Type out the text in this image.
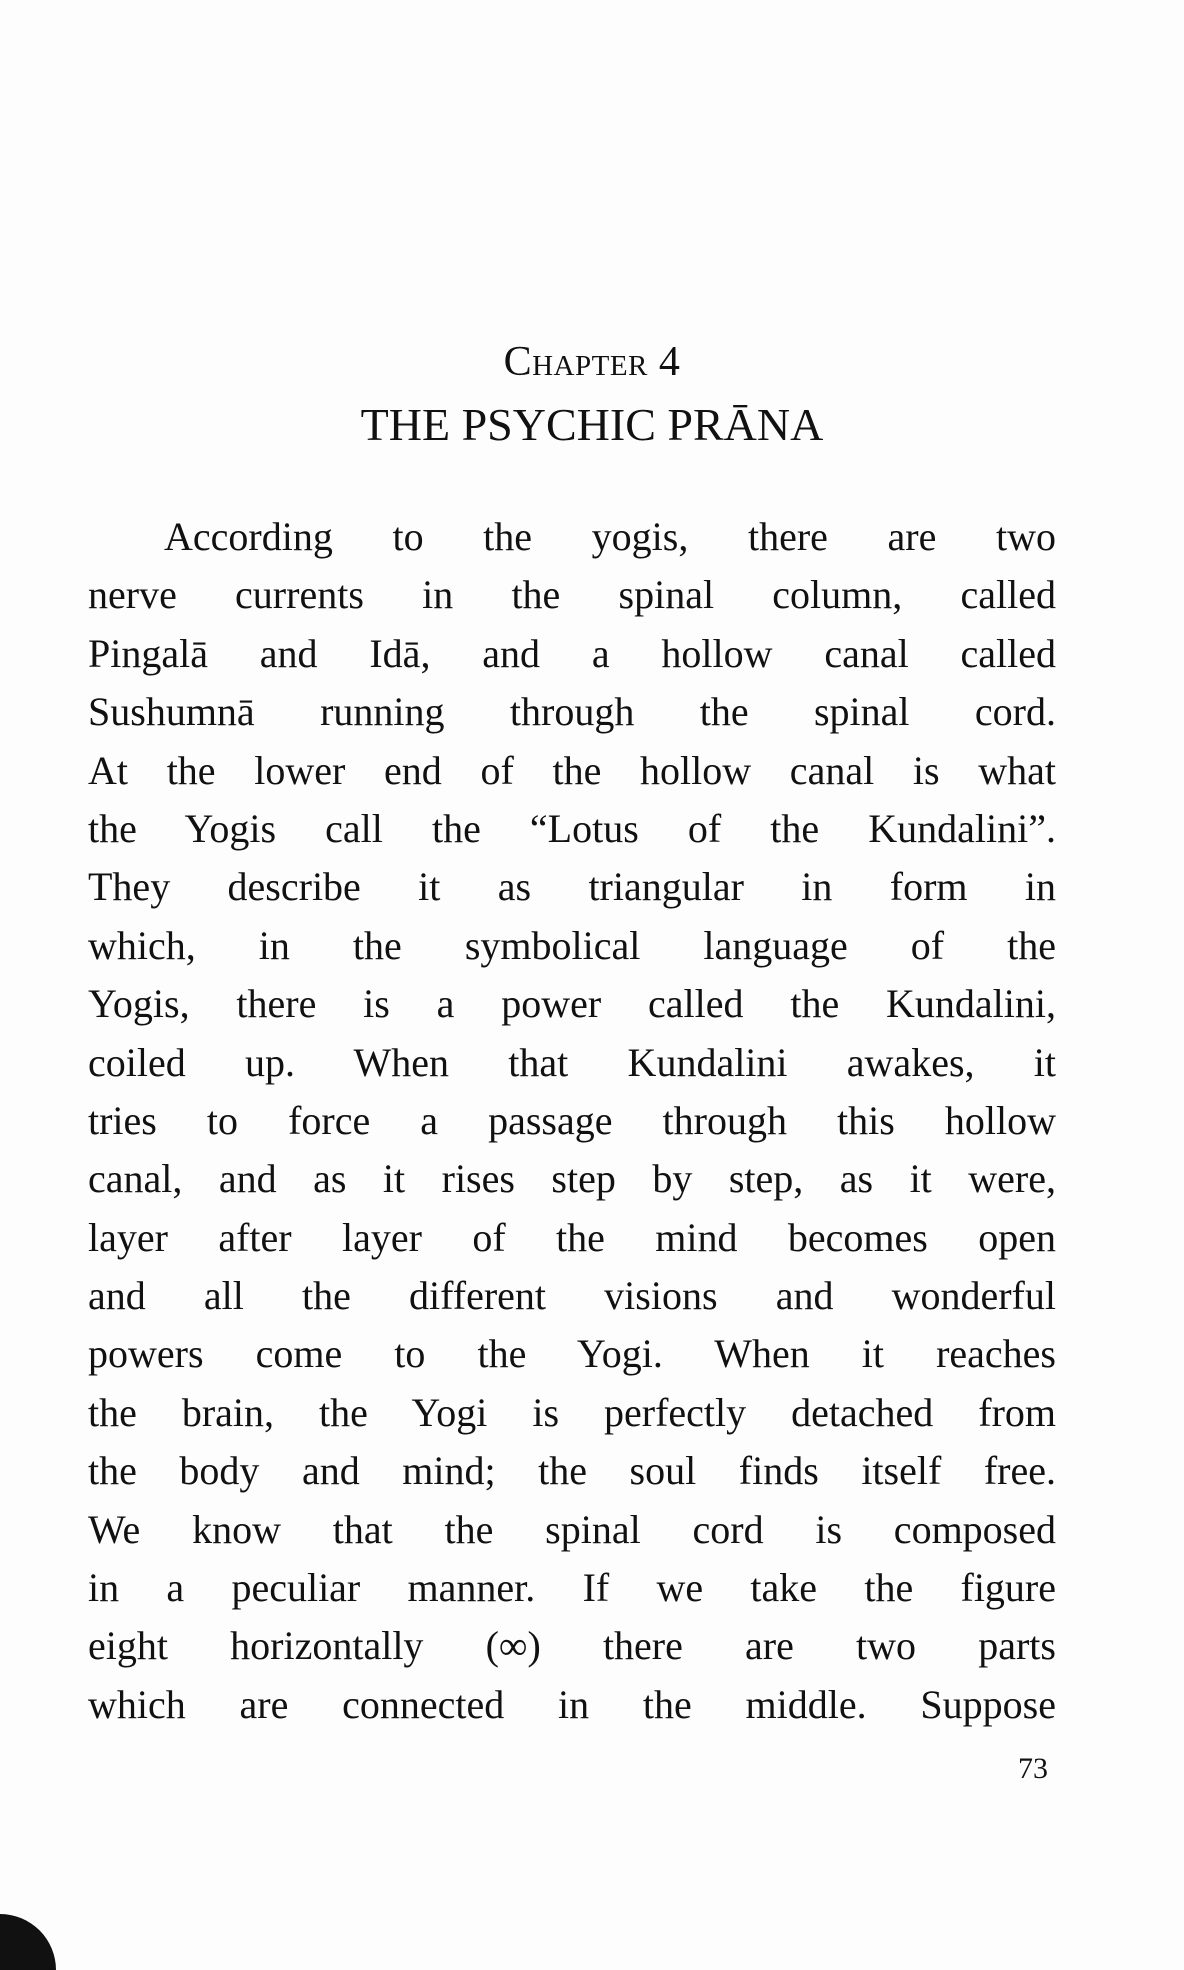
Chapter 4
THE PSYCHIC PRĀNA
According to the yogis, there are two
nerve currents in the spinal column, called
Pingalā and Idā, and a hollow canal called
Sushumnā running through the spinal cord.
At the lower end of the hollow canal is what
the Yogis call the “Lotus of the Kundalini”.
They describe it as triangular in form in
which, in the symbolical language of the
Yogis, there is a power called the Kundalini,
coiled up. When that Kundalini awakes, it
tries to force a passage through this hollow
canal, and as it rises step by step, as it were,
layer after layer of the mind becomes open
and all the different visions and wonderful
powers come to the Yogi. When it reaches
the brain, the Yogi is perfectly detached from
the body and mind; the soul finds itself free.
We know that the spinal cord is composed
in a peculiar manner. If we take the figure
eight horizontally (∞) there are two parts
which are connected in the middle. Suppose
73
